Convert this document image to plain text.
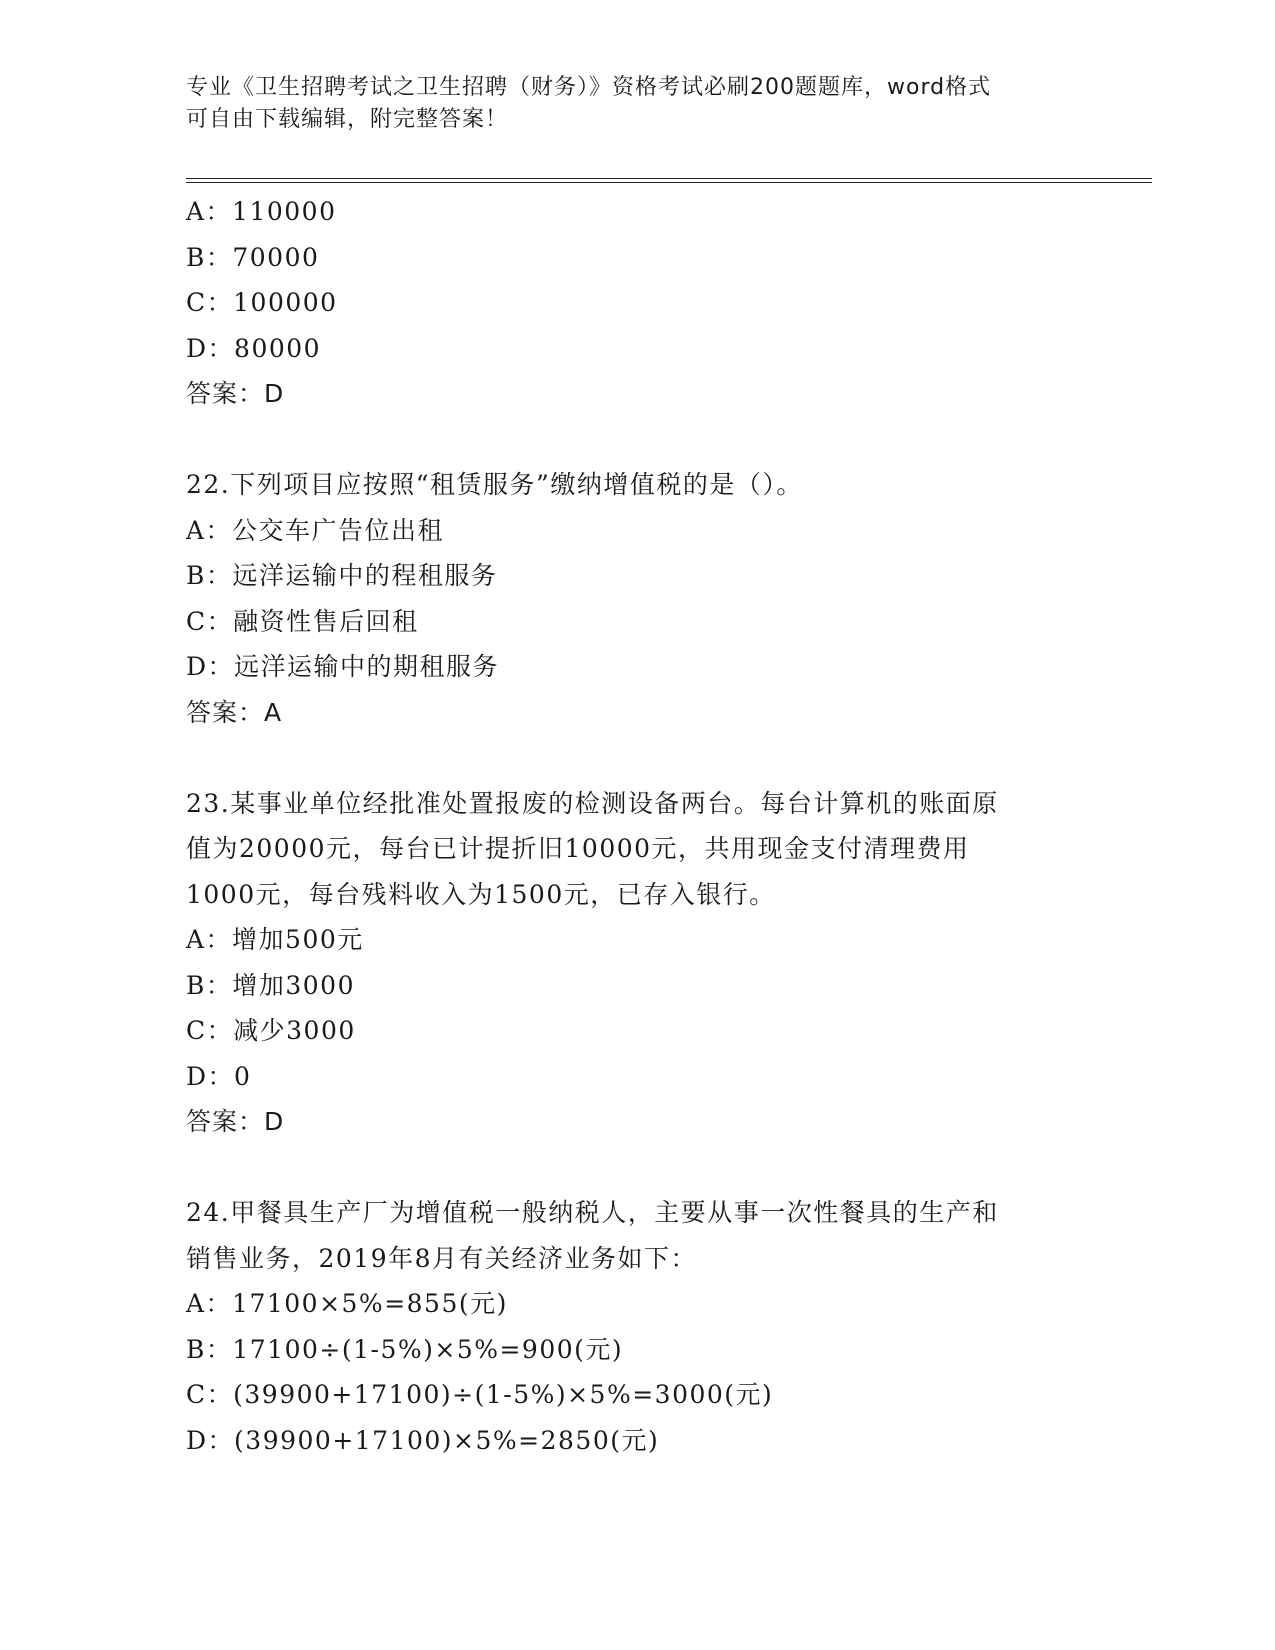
专业《卫生招聘考试之卫生招聘（财务）》资格考试必刷200题题库，word格式
可自由下载编辑，附完整答案！
A：110000
B：70000
C：100000
D：80000
答案：D
22.下列项目应按照“租赁服务”缴纳增值税的是（）。
A：公交车广告位出租
B：远洋运输中的程租服务
C：融资性售后回租
D：远洋运输中的期租服务
答案：A
23.某事业单位经批准处置报废的检测设备两台。每台计算机的账面原
值为20000元，每台已计提折旧10000元，共用现金支付清理费用
1000元，每台残料收入为1500元，已存入银行。
A：增加500元
B：增加3000
C：减少3000
D：0
答案：D
24.甲餐具生产厂为增值税一般纳税人，主要从事一次性餐具的生产和
销售业务，2019年8月有关经济业务如下：
A：17100×5%=855(元)
B：17100÷(1-5%)×5%=900(元)
C：(39900+17100)÷(1-5%)×5%=3000(元)
D：(39900+17100)×5%=2850(元)
